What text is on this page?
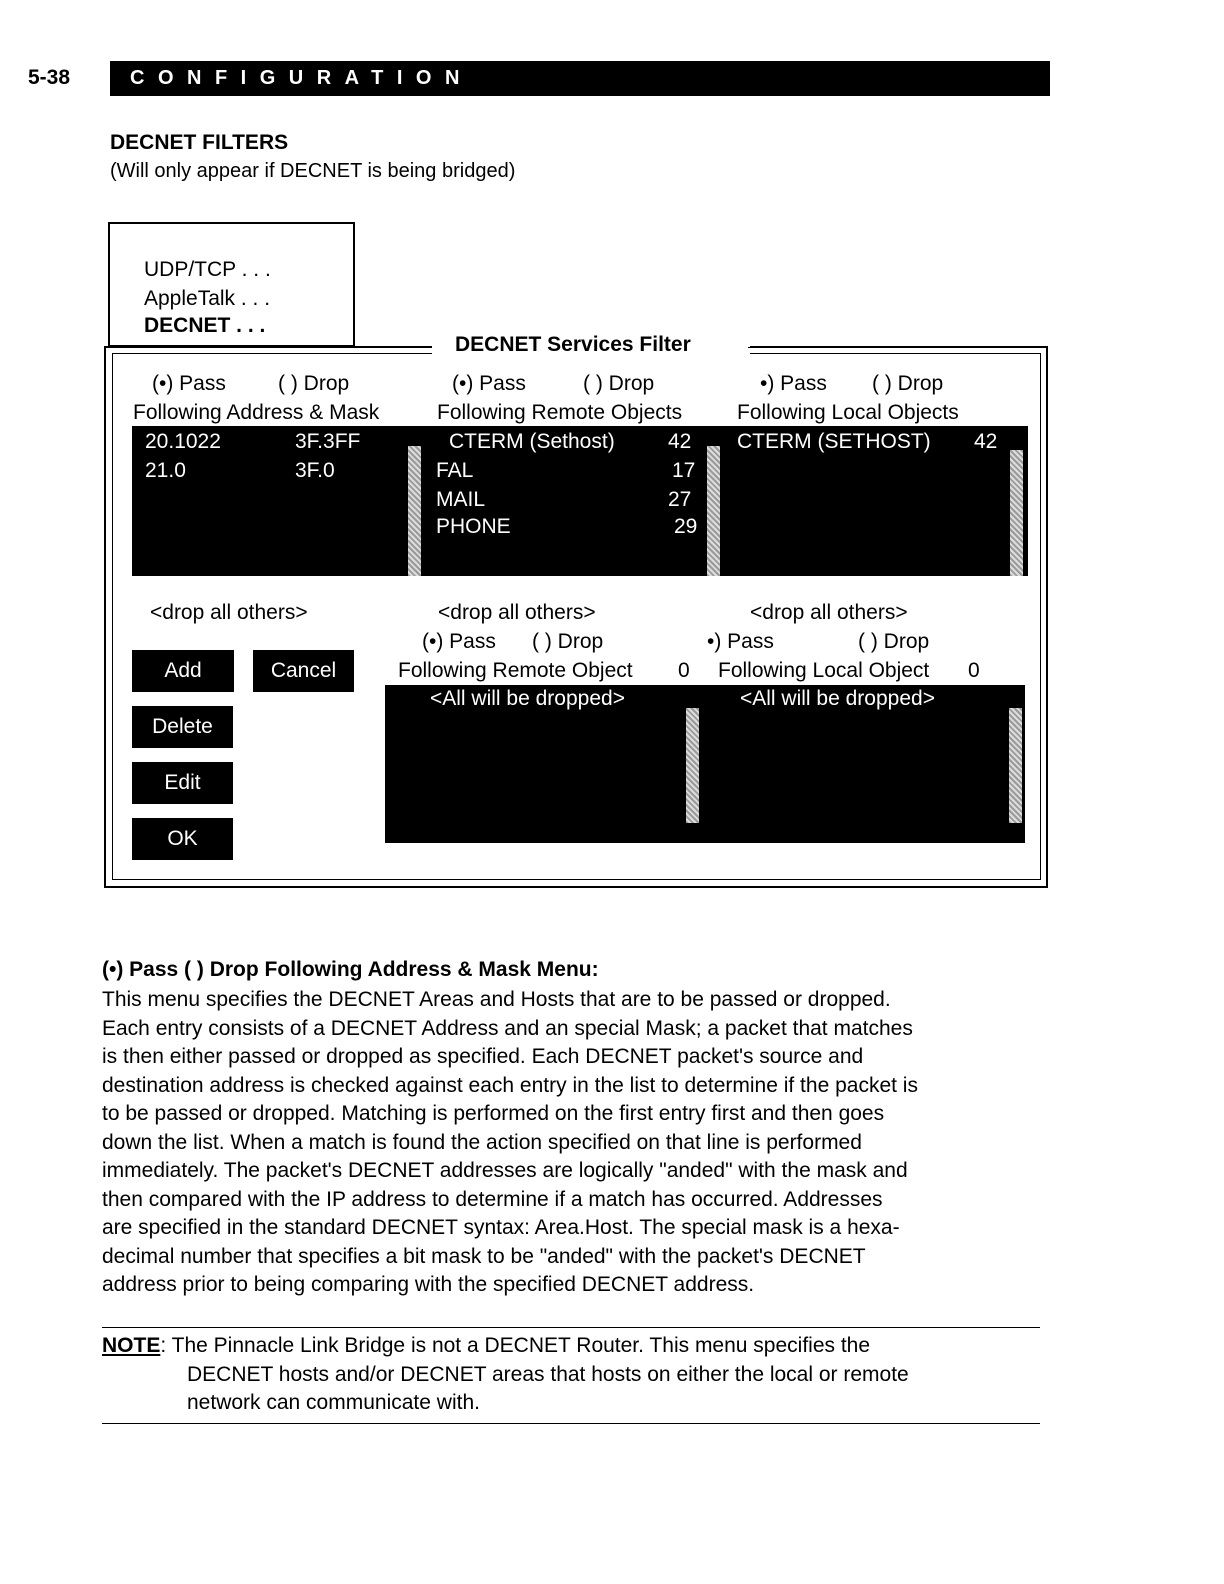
5-38	CONFIGURATION
DECNET FILTERS
(Will only appear if DECNET is being bridged)
DECNET Services Filter
UDP/TCP . . .
AppleTalk . . .
DECNET . . .
(•) Pass ( ) Drop
Following Address & Mask
20.1022	3F.3FF
21.0	3F.0
<drop all others>
(•) Pass	( ) Drop
Following Remote Objects
CTERM (Sethost)	42
FAL	17
MAIL	27
PHONE	29
<drop all others>
•) Pass ( ) Drop
Following Local Objects
CTERM (SETHOST) 42
<drop all others>
(•) Pass ( ) Drop
Following Remote Object 0
<All will be dropped>
•) Pass	( ) Drop
Following Local Object 0
<All will be dropped>
Add	Cancel
Delete
Edit
OK
(•) Pass ( ) Drop Following Address & Mask Menu:

This menu specifies the DECNET Areas and Hosts that are to be passed or dropped.

Each entry consists of a DECNET Address and an special Mask; a packet that matches

is then either passed or dropped as specified. Each DECNET packet's source and

destination address is checked against each entry in the list to determine if the packet is

to be passed or dropped. Matching is performed on the first entry first and then goes

down the list. When a match is found the action specified on that line is performed

immediately. The packet's DECNET addresses are logically "anded" with the mask and

then compared with the IP address to determine if a match has occurred. Addresses

are specified in the standard DECNET syntax: Area.Host. The special mask is a hexa-

decimal number that specifies a bit mask to be "anded" with the packet's DECNET

address prior to being comparing with the specified DECNET address.

NOTE: The Pinnacle Link Bridge is not a DECNET Router. This menu specifies the
DECNET hosts and/or DECNET areas that hosts on either the local or remote
network can communicate with.
